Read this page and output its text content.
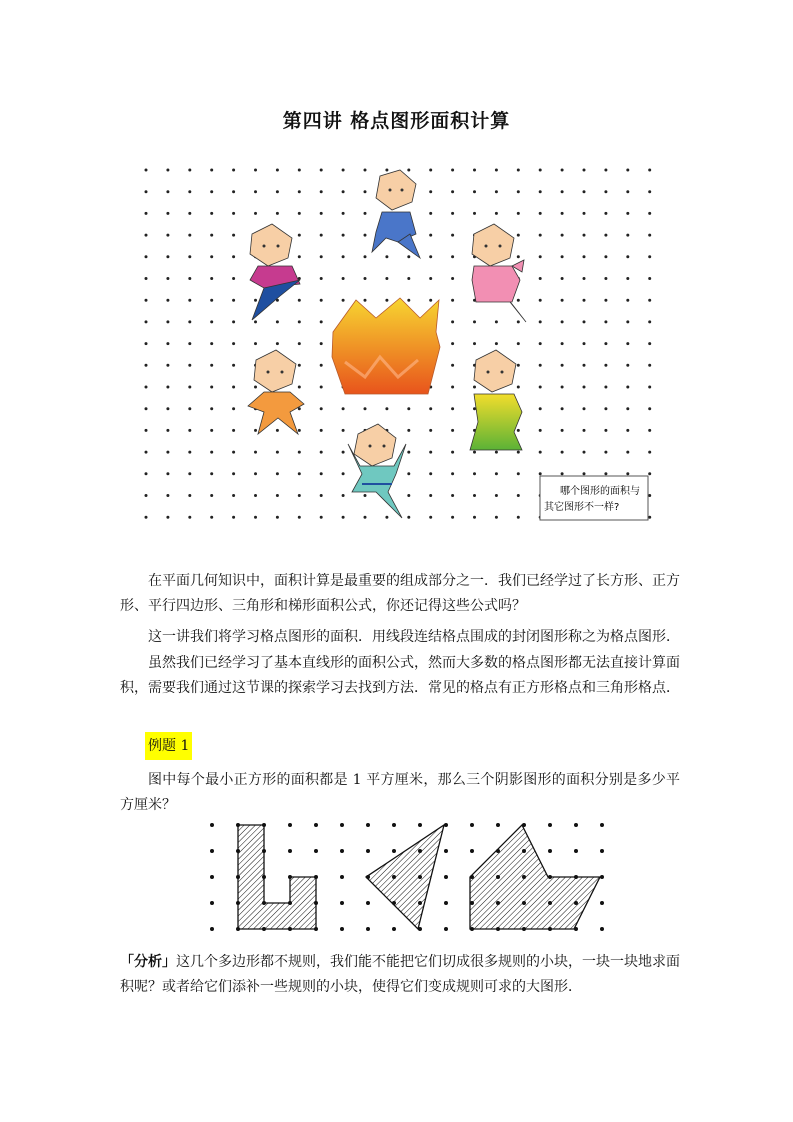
第四讲 格点图形面积计算
哪个图形的面积与
其它图形不一样?

在平面几何知识中，面积计算是最重要的组成部分之一．我们已经学过了长方形、正方形、平行四边形、三角形和梯形面积公式，你还记得这些公式吗？

这一讲我们将学习格点图形的面积．用线段连结格点围成的封闭图形称之为格点图形．

虽然我们已经学习了基本直线形的面积公式，然而大多数的格点图形都无法直接计算面积，需要我们通过这节课的探索学习去找到方法．常见的格点有正方形格点和三角形格点．

例题 1

图中每个最小正方形的面积都是 1 平方厘米，那么三个阴影图形的面积分别是多少平方厘米？

「分析」这几个多边形都不规则，我们能不能把它们切成很多规则的小块，一块一块地求面积呢？或者给它们添补一些规则的小块，使得它们变成规则可求的大图形．
